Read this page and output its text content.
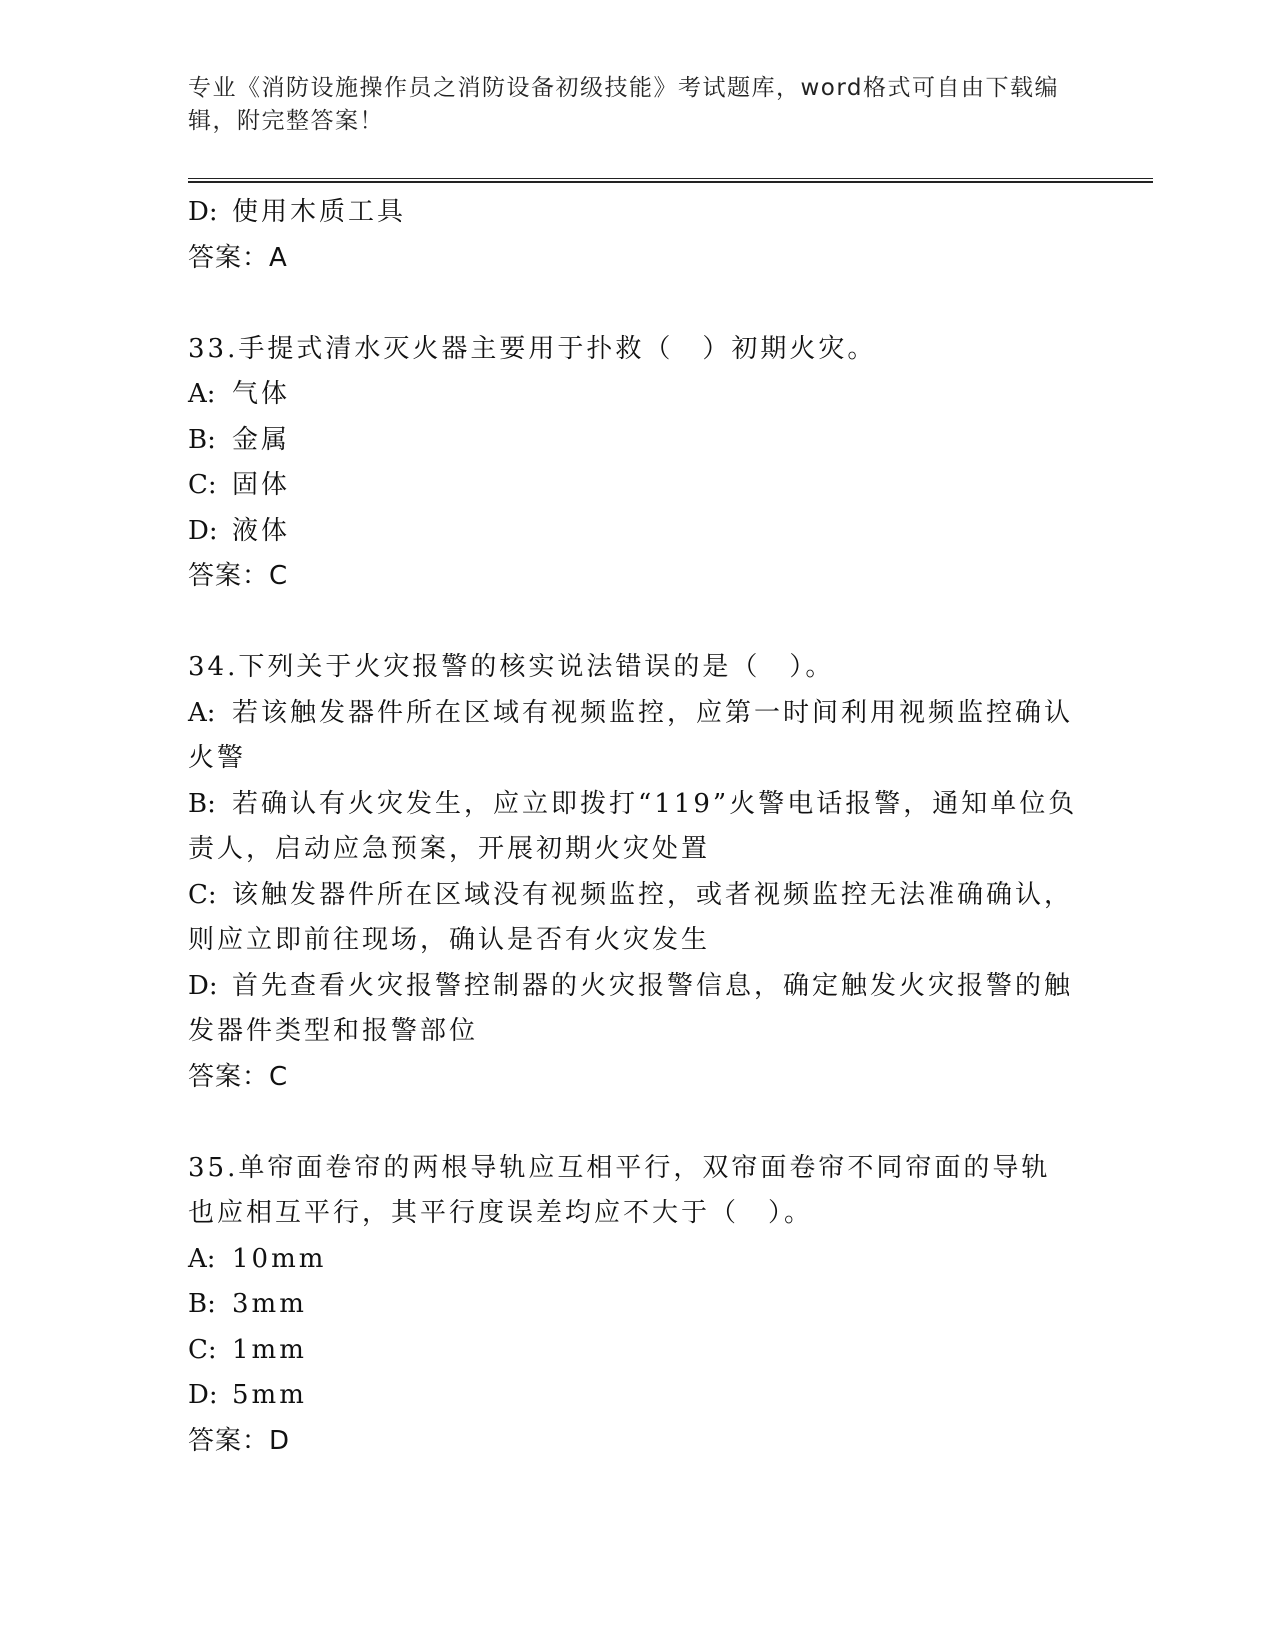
专业《消防设施操作员之消防设备初级技能》考试题库，word格式可自由下载编辑，附完整答案！

D: 使用木质工具

答案：A

33.手提式清水灭火器主要用于扑救（　）初期火灾。

A: 气体

B: 金属

C: 固体

D: 液体

答案：C

34.下列关于火灾报警的核实说法错误的是（　）。

A: 若该触发器件所在区域有视频监控，应第一时间利用视频监控确认火警

B: 若确认有火灾发生，应立即拨打“119”火警电话报警，通知单位负责人，启动应急预案，开展初期火灾处置

C: 该触发器件所在区域没有视频监控，或者视频监控无法准确确认，则应立即前往现场，确认是否有火灾发生

D: 首先查看火灾报警控制器的火灾报警信息，确定触发火灾报警的触发器件类型和报警部位

答案：C

35.单帘面卷帘的两根导轨应互相平行，双帘面卷帘不同帘面的导轨也应相互平行，其平行度误差均应不大于（　）。

A: 10mm

B: 3mm

C: 1mm

D: 5mm

答案：D
